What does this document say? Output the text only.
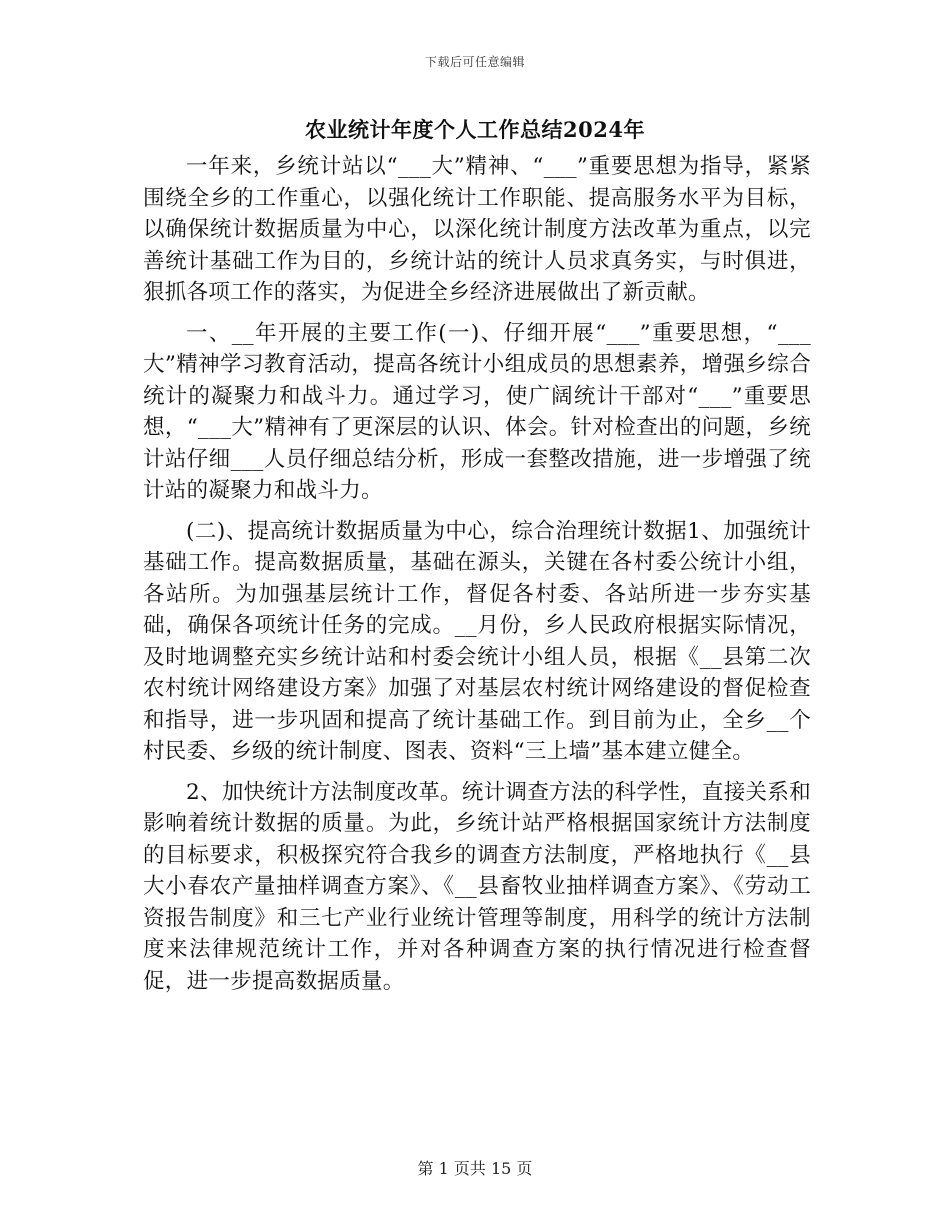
下载后可任意编辑
农业统计年度个人工作总结2024年

一年来，乡统计站以“___大”精神、“___”重要思想为指导，紧紧围绕全乡的工作重心，以强化统计工作职能、提高服务水平为目标，以确保统计数据质量为中心，以深化统计制度方法改革为重点，以完善统计基础工作为目的，乡统计站的统计人员求真务实，与时俱进，狠抓各项工作的落实，为促进全乡经济进展做出了新贡献。

一、__年开展的主要工作(一)、仔细开展“___”重要思想，“___大”精神学习教育活动，提高各统计小组成员的思想素养，增强乡综合统计的凝聚力和战斗力。通过学习，使广阔统计干部对“___”重要思想，“___大”精神有了更深层的认识、体会。针对检查出的问题，乡统计站仔细___人员仔细总结分析，形成一套整改措施，进一步增强了统计站的凝聚力和战斗力。

(二)、提高统计数据质量为中心，综合治理统计数据1、加强统计基础工作。提高数据质量，基础在源头，关键在各村委公统计小组，各站所。为加强基层统计工作，督促各村委、各站所进一步夯实基础，确保各项统计任务的完成。__月份，乡人民政府根据实际情况，及时地调整充实乡统计站和村委会统计小组人员，根据《__县第二次农村统计网络建设方案》加强了对基层农村统计网络建设的督促检查和指导，进一步巩固和提高了统计基础工作。到目前为止，全乡__个村民委、乡级的统计制度、图表、资料“三上墙”基本建立健全。

2、加快统计方法制度改革。统计调查方法的科学性，直接关系和影响着统计数据的质量。为此，乡统计站严格根据国家统计方法制度的目标要求，积极探究符合我乡的调查方法制度，严格地执行《__县大小春农产量抽样调查方案》、《__县畜牧业抽样调查方案》、《劳动工资报告制度》和三七产业行业统计管理等制度，用科学的统计方法制度来法律规范统计工作，并对各种调查方案的执行情况进行检查督促，进一步提高数据质量。

第 1 页共 15 页
